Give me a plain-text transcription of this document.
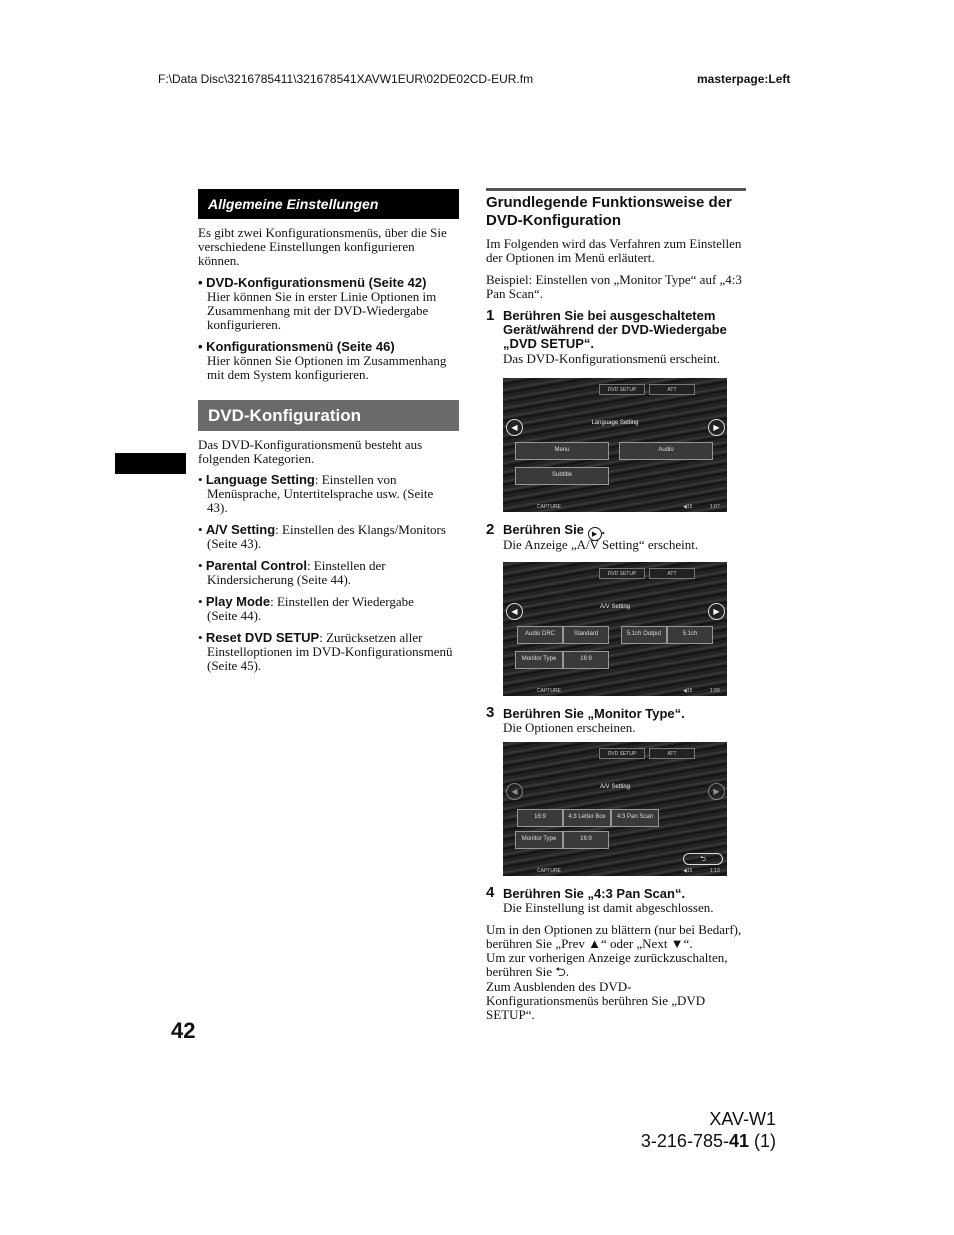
F:\Data Disc\3216785411\321678541XAVW1EUR\02DE02CD-EUR.fm	masterpage:Left
Allgemeine Einstellungen
Es gibt zwei Konfigurationsmenüs, über die Sie verschiedene Einstellungen konfigurieren können.
• DVD-Konfigurationsmenü (Seite 42)
Hier können Sie in erster Linie Optionen im Zusammenhang mit der DVD-Wiedergabe konfigurieren.
• Konfigurationsmenü (Seite 46)
Hier können Sie Optionen im Zusammenhang mit dem System konfigurieren.
DVD-Konfiguration
Das DVD-Konfigurationsmenü besteht aus folgenden Kategorien.
• Language Setting: Einstellen von Menüsprache, Untertitelsprache usw. (Seite 43).
• A/V Setting: Einstellen des Klangs/Monitors (Seite 43).
• Parental Control: Einstellen der Kindersicherung (Seite 44).
• Play Mode: Einstellen der Wiedergabe (Seite 44).
• Reset DVD SETUP: Zurücksetzen aller Einstelloptionen im DVD-Konfigurationsmenü (Seite 45).
Grundlegende Funktionsweise der DVD-Konfiguration
Im Folgenden wird das Verfahren zum Einstellen der Optionen im Menü erläutert.
Beispiel: Einstellen von „Monitor Type“ auf „4:3 Pan Scan“.
1 Berühren Sie bei ausgeschaltetem Gerät/während der DVD-Wiedergabe „DVD SETUP“.
Das DVD-Konfigurationsmenü erscheint.
DVD SETUP	ATT
◀	▶
Language Setting
Menu	Audio
Subtitle
CAPTURE	◀15	1:07
2 Berühren Sie ▶ .
Die Anzeige „A/V Setting“ erscheint.
DVD SETUP	ATT
◀	▶
A/V Setting
Audio DRC	Standard	5.1ch Output	5.1ch
Monitor Type	16:9
CAPTURE	◀15	1:09
3 Berühren Sie „Monitor Type“.
Die Optionen erscheinen.
DVD SETUP	ATT
◀	▶
A/V Setting
16:9	4:3 Letter Box	4:3 Pan Scan
Monitor Type	16:9
⮌
CAPTURE	◀15	1:13
4 Berühren Sie „4:3 Pan Scan“.
Die Einstellung ist damit abgeschlossen.
Um in den Optionen zu blättern (nur bei Bedarf), berühren Sie „Prev ▲“ oder „Next ▼“.
Um zur vorherigen Anzeige zurückzuschalten, berühren Sie ⮌.
Zum Ausblenden des DVD-Konfigurationsmenüs berühren Sie „DVD SETUP“.
42
XAV-W1
3-216-785-41 (1)
